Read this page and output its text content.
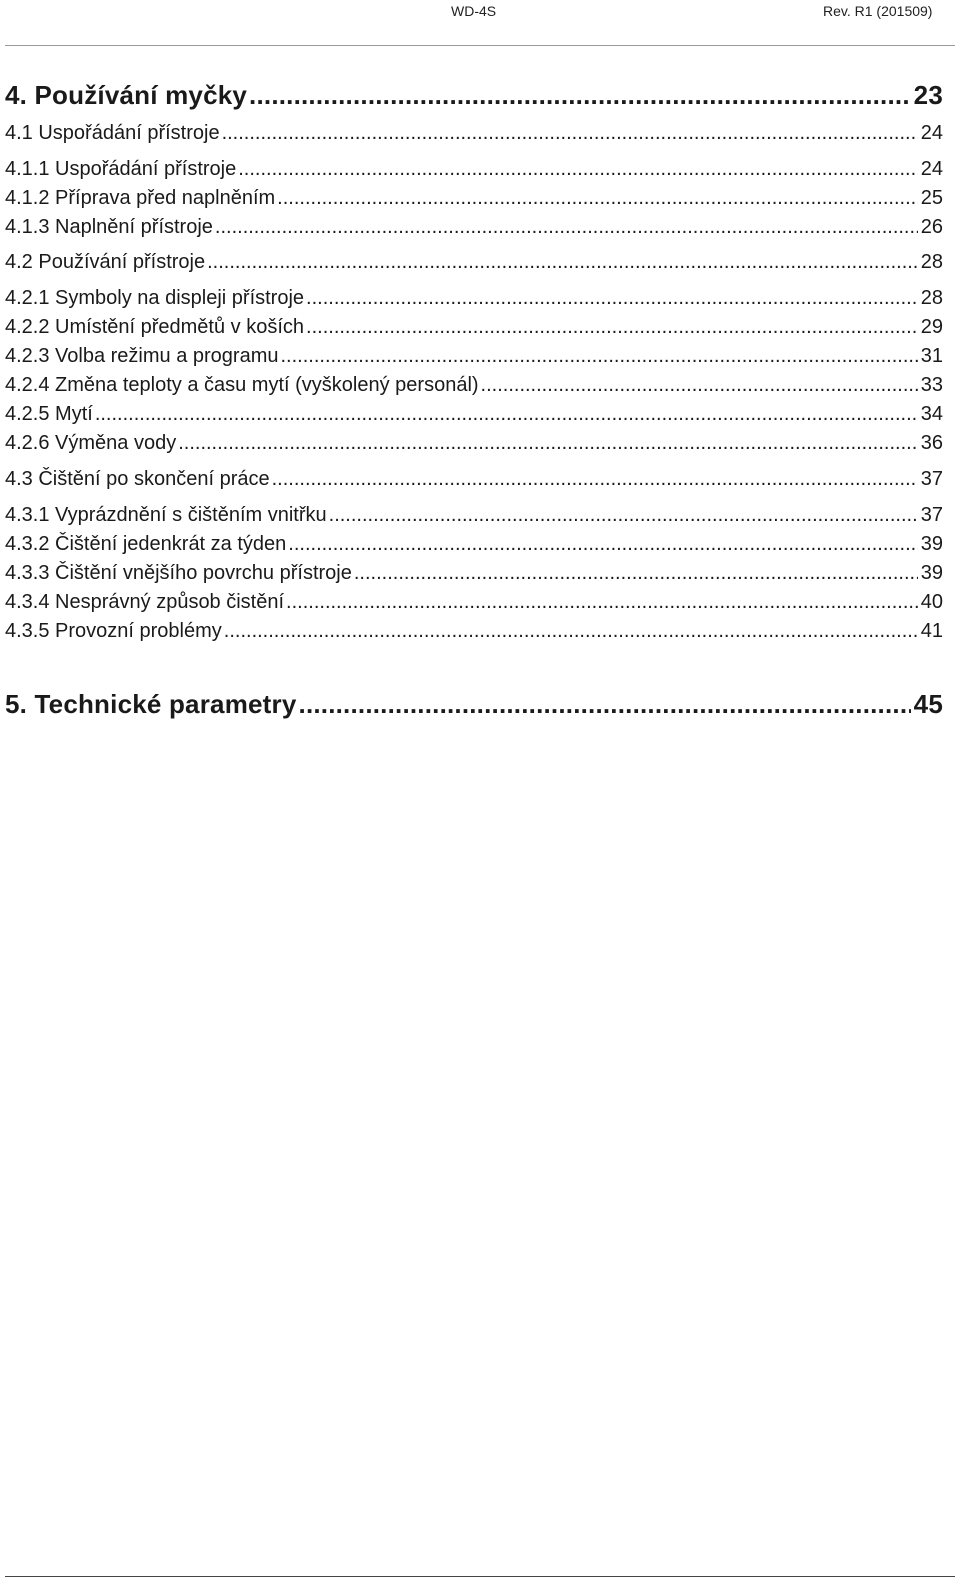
WD-4S	Rev. R1 (201509)
4. Používání myčky .....	23
4.1 Uspořádání přístroje .....	24
4.1.1 Uspořádání přístroje .....	24
4.1.2 Příprava před naplněním .....	25
4.1.3 Naplnění přístroje .....	26
4.2 Používání přístroje .....	28
4.2.1 Symboly na displeji přístroje .....	28
4.2.2 Umístění předmětů v koších .....	29
4.2.3 Volba režimu a programu .....	31
4.2.4 Změna teploty a času mytí (vyškolený personál) .....	33
4.2.5 Mytí .....	34
4.2.6 Výměna vody .....	36
4.3 Čištění po skončení práce .....	37
4.3.1 Vyprázdnění s čištěním vnitřku .....	37
4.3.2 Čištění jedenkrát za týden .....	39
4.3.3 Čištění vnějšího povrchu přístroje .....	39
4.3.4 Nesprávný způsob čistění .....	40
4.3.5 Provozní problémy .....	41
5. Technické parametry .....	45
